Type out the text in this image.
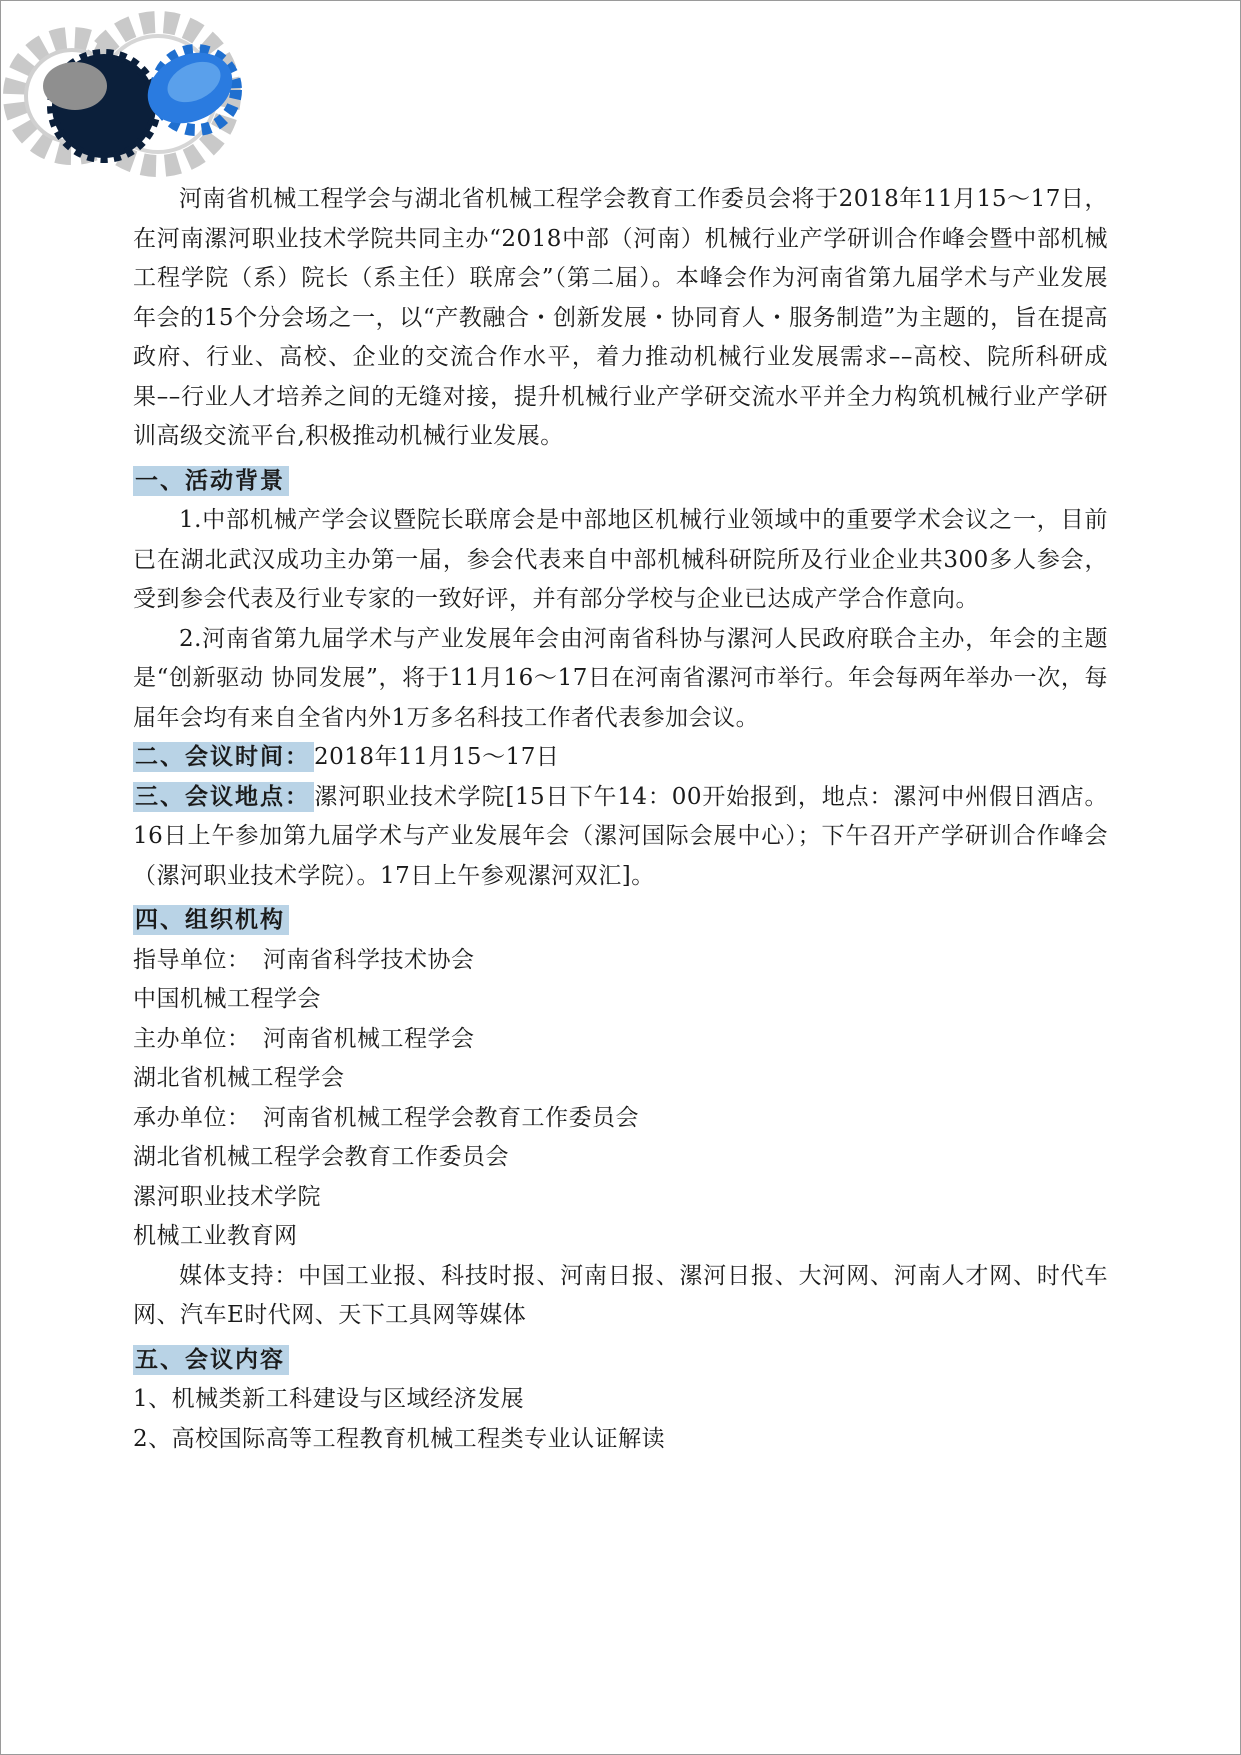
河南省机械工程学会与湖北省机械工程学会教育工作委员会将于2018年11月15～17日，在河南漯河职业技术学院共同主办“2018中部（河南）机械行业产学研训合作峰会暨中部机械工程学院（系）院长（系主任）联席会”（第二届）。本峰会作为河南省第九届学术与产业发展年会的15个分会场之一，以“产教融合・创新发展・协同育人・服务制造”为主题的，旨在提高政府、行业、高校、企业的交流合作水平，着力推动机械行业发展需求––高校、院所科研成果––行业人才培养之间的无缝对接，提升机械行业产学研交流水平并全力构筑机械行业产学研训高级交流平台,积极推动机械行业发展。

一、活动背景

1.中部机械产学会议暨院长联席会是中部地区机械行业领域中的重要学术会议之一，目前已在湖北武汉成功主办第一届，参会代表来自中部机械科研院所及行业企业共300多人参会，受到参会代表及行业专家的一致好评，并有部分学校与企业已达成产学合作意向。

2.河南省第九届学术与产业发展年会由河南省科协与漯河人民政府联合主办，年会的主题是“创新驱动 协同发展”，将于11月16～17日在河南省漯河市举行。年会每两年举办一次，每届年会均有来自全省内外1万多名科技工作者代表参加会议。

二、会议时间： 2018年11月15～17日

三、会议地点： 漯河职业技术学院[15日下午14：00开始报到，地点：漯河中州假日酒店。16日上午参加第九届学术与产业发展年会（漯河国际会展中心）；下午召开产学研训合作峰会（漯河职业技术学院）。17日上午参观漯河双汇]。

四、组织机构

指导单位： 河南省科学技术协会

中国机械工程学会

主办单位： 河南省机械工程学会

湖北省机械工程学会

承办单位： 河南省机械工程学会教育工作委员会

湖北省机械工程学会教育工作委员会

漯河职业技术学院

机械工业教育网

媒体支持：中国工业报、科技时报、河南日报、漯河日报、大河网、河南人才网、时代车网、汽车E时代网、天下工具网等媒体

五、会议内容

1、机械类新工科建设与区域经济发展

2、高校国际高等工程教育机械工程类专业认证解读
